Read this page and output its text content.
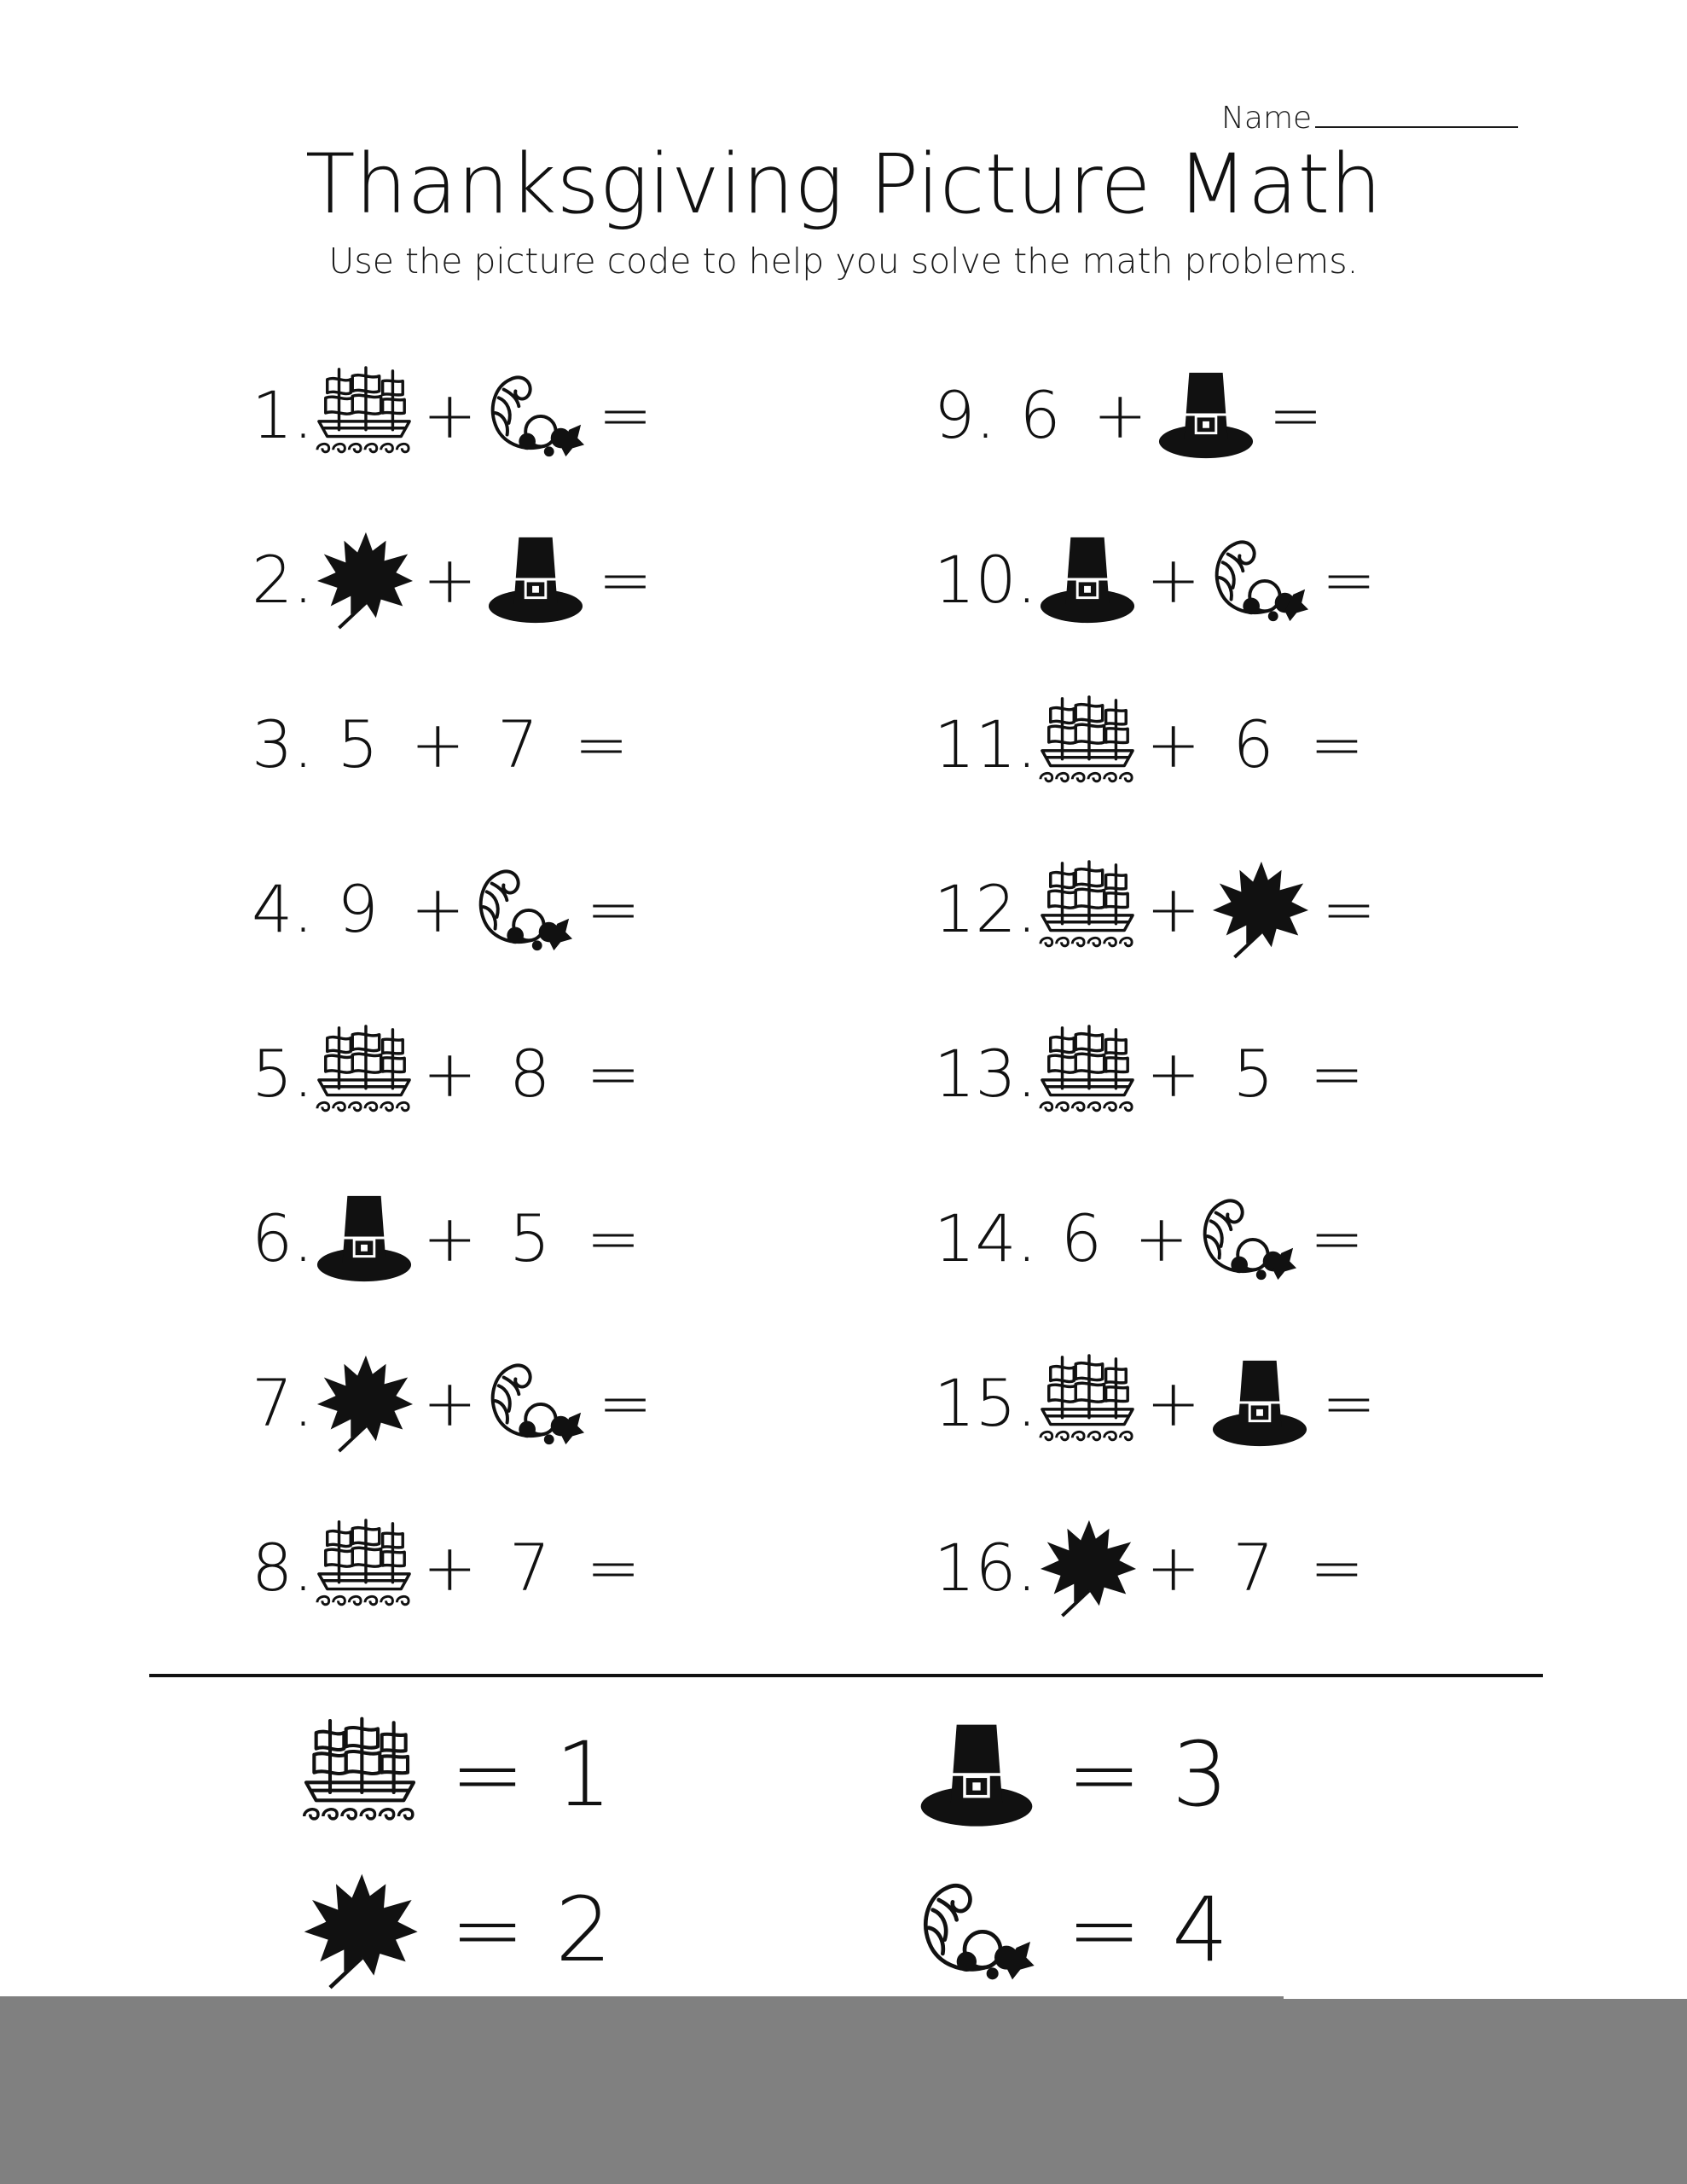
Name
Thanksgiving Picture Math
Use the picture code to help you solve the math problems.
1. + =
2. + =
3. 5 + 7 =
4. 9 + =
5. + 8 =
6. + 5 =
7. + =
8. + 7 =
9. 6 + =
10. + =
11. + 6 =
12. + =
13. + 5 =
14. 6 + =
15. + =
16. + 7 =
= 1	= 3
= 2	= 4
